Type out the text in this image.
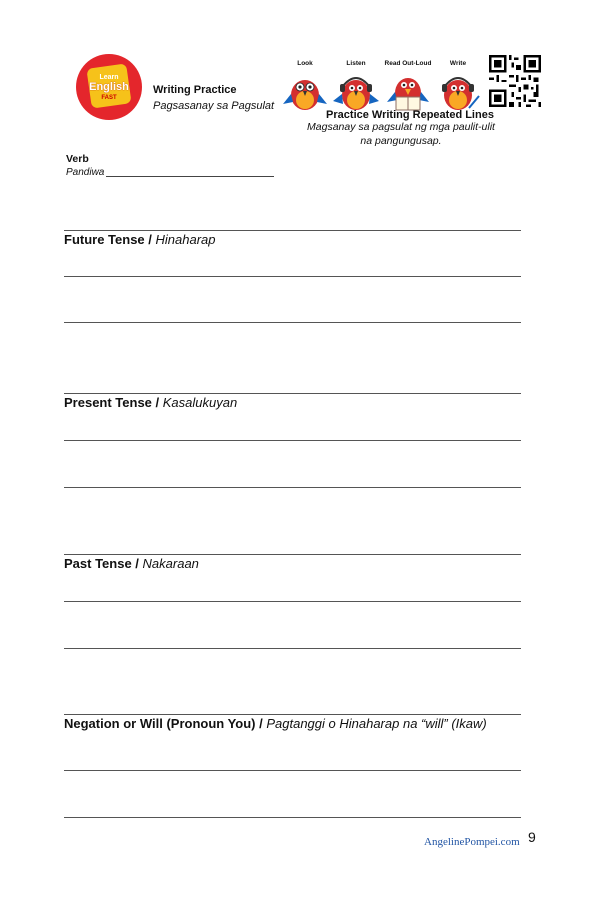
Learn
English
FAST
Writing Practice
Pagsasanay sa Pagsulat
Look	Listen	Read Out-Loud	Write
Practice Writing Repeated Lines
Magsanay sa pagsulat ng mga paulit-ulit na pangungusap.
Verb
Pandiwa
Future Tense / Hinaharap
Present Tense / Kasalukuyan
Past Tense / Nakaraan
Negation or Will (Pronoun You) / Pagtanggi o Hinaharap na “will” (Ikaw)
AngelinePompei.com 9
